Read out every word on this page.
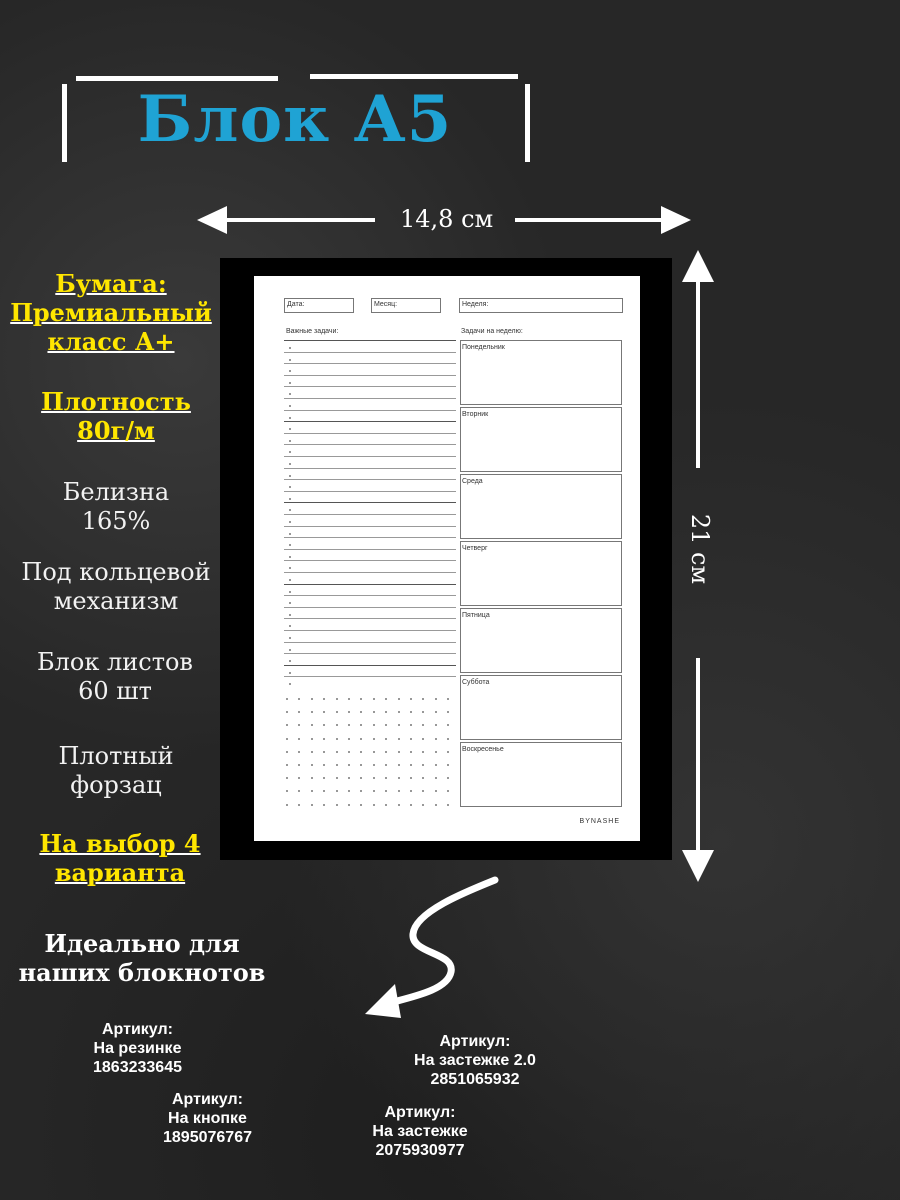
Блок А5
14,8 см
21 см
Бумага: Премиальный класс А+
Плотность 80г/м
Белизна 165%
Под кольцевой механизм
Блок листов 60 шт
Плотный форзац
На выбор 4 варианта
Идеально для наших блокнотов
Артикул:
На резинке
1863233645
Артикул:
На кнопке
1895076767
Артикул:
На застежке 2.0
2851065932
Артикул:
На застежке
2075930977
Дата:	Месяц:	Неделя:
Важные задачи:	Задачи на неделю:
Понедельник
Вторник
Среда
Четверг
Пятница
Суббота
Воскресенье
BYNASHE
